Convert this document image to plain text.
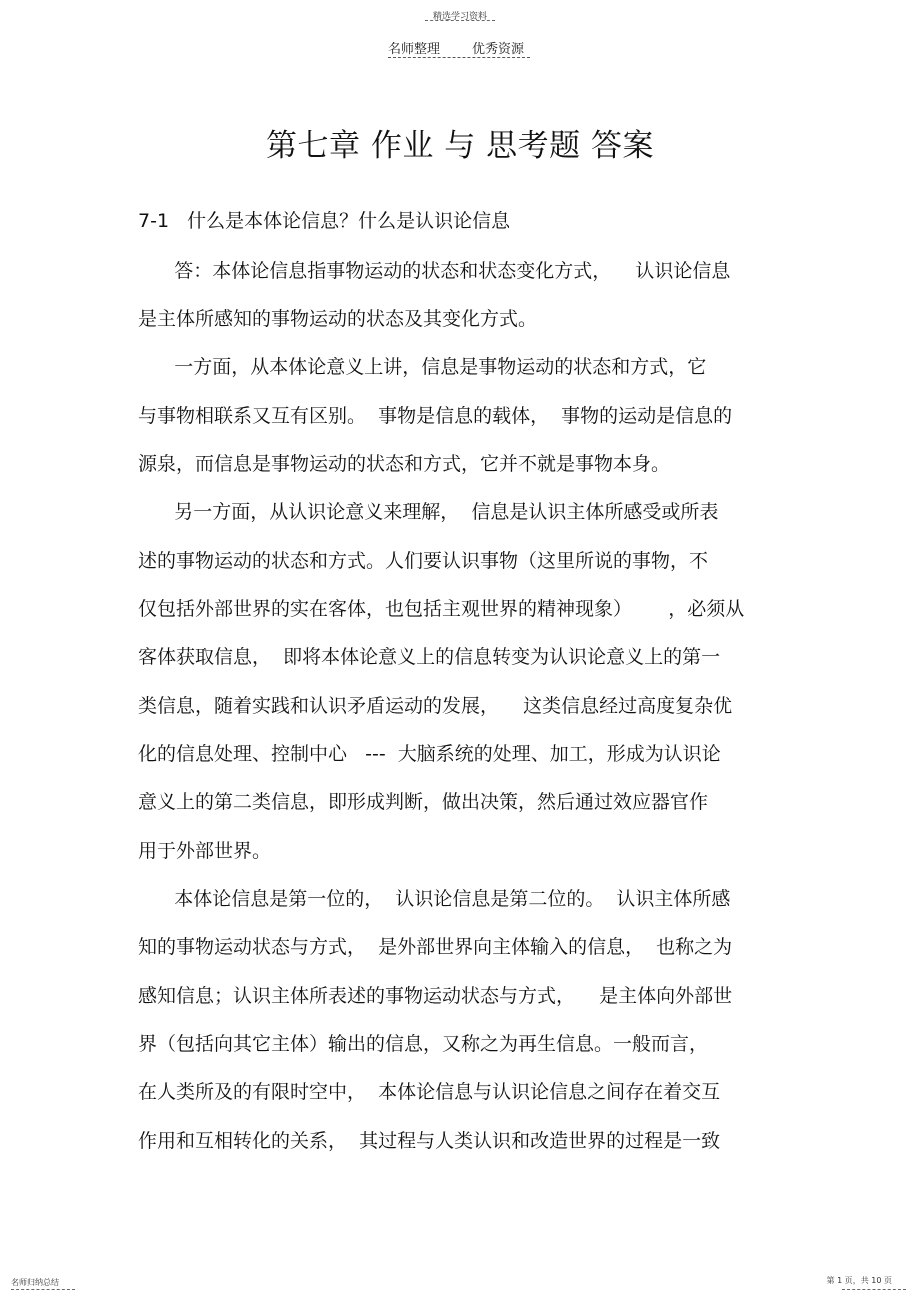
精选学习资料
名师整理 优秀资源
第七章 作业 与 思考题 答案
7-1   什么是本体论信息？什么是认识论信息
答：本体论信息指事物运动的状态和状态变化方式，    认识论信息
是主体所感知的事物运动的状态及其变化方式。
一方面，从本体论意义上讲，信息是事物运动的状态和方式，它
与事物相联系又互有区别。  事物是信息的载体，  事物的运动是信息的
源泉，而信息是事物运动的状态和方式，它并不就是事物本身。
另一方面，从认识论意义来理解，  信息是认识主体所感受或所表
述的事物运动的状态和方式。人们要认识事物（这里所说的事物，不
仅包括外部世界的实在客体，也包括主观世界的精神现象）      ，必须从
客体获取信息，  即将本体论意义上的信息转变为认识论意义上的第一
类信息，随着实践和认识矛盾运动的发展，    这类信息经过高度复杂优
化的信息处理、控制中心   ---  大脑系统的处理、加工，形成为认识论
意义上的第二类信息，即形成判断，做出决策，然后通过效应器官作
用于外部世界。
本体论信息是第一位的，  认识论信息是第二位的。  认识主体所感
知的事物运动状态与方式，  是外部世界向主体输入的信息，  也称之为
感知信息；认识主体所表述的事物运动状态与方式，    是主体向外部世
界（包括向其它主体）输出的信息，又称之为再生信息。一般而言，
在人类所及的有限时空中，  本体论信息与认识论信息之间存在着交互
作用和互相转化的关系，  其过程与人类认识和改造世界的过程是一致
名师归纳总结	第 1 页，共 10 页
